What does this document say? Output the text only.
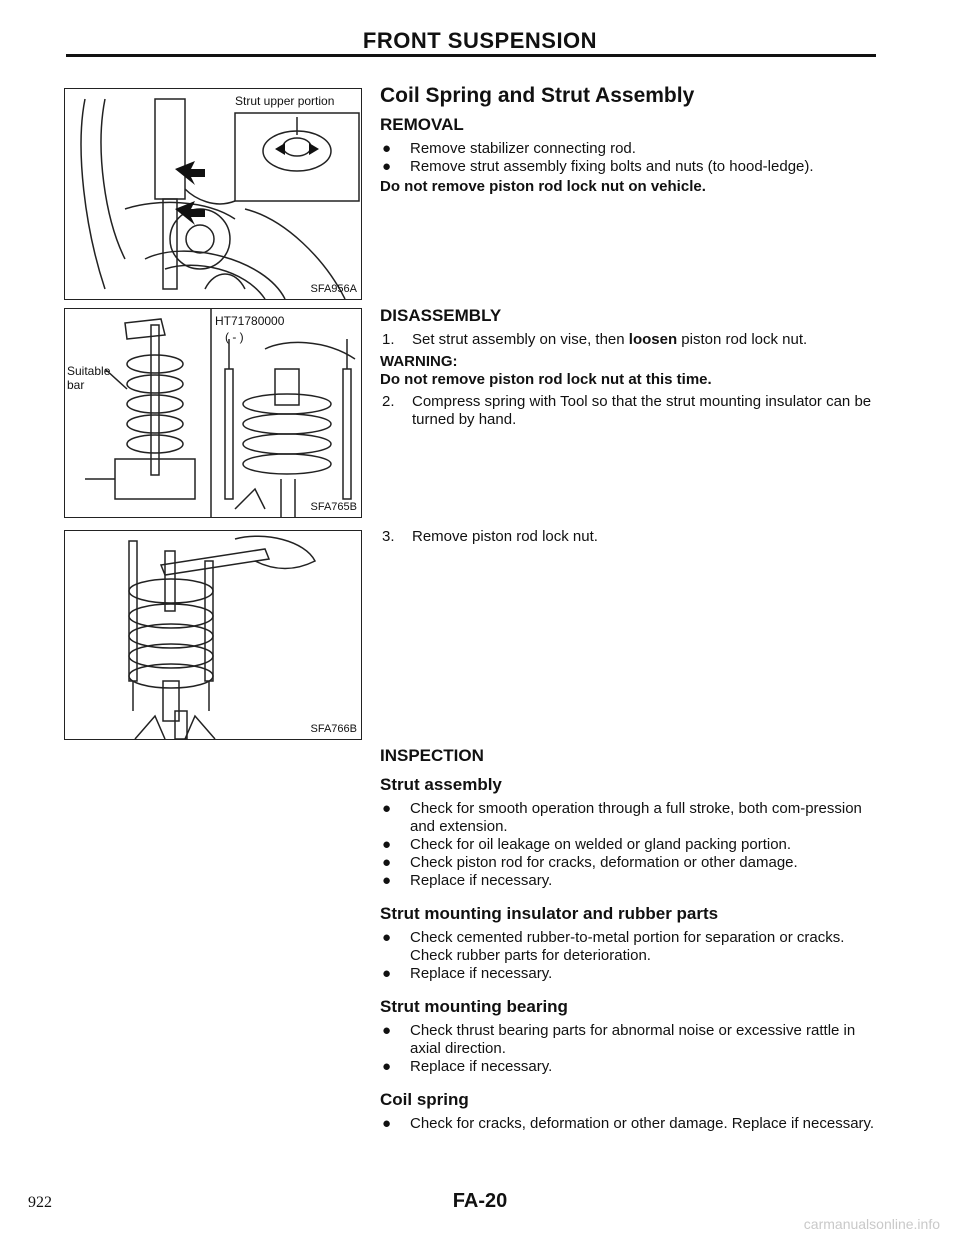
FRONT SUSPENSION
Strut upper portion
SFA956A
HT71780000
( - )
Suitable
bar
SFA765B
SFA766B
Coil Spring and Strut Assembly
REMOVAL
● Remove stabilizer connecting rod.
● Remove strut assembly fixing bolts and nuts (to hood-ledge).

Do not remove piston rod lock nut on vehicle.

DISASSEMBLY
1. Set strut assembly on vise, then loosen piston rod lock nut.

WARNING:

Do not remove piston rod lock nut at this time.

2. Compress spring with Tool so that the strut mounting insulator can be turned by hand.
3. Remove piston rod lock nut.
INSPECTION
Strut assembly
● Check for smooth operation through a full stroke, both com-pression and extension.
● Check for oil leakage on welded or gland packing portion.
● Check piston rod for cracks, deformation or other damage.
● Replace if necessary.
Strut mounting insulator and rubber parts
● Check cemented rubber-to-metal portion for separation or cracks. Check rubber parts for deterioration.
● Replace if necessary.
Strut mounting bearing
● Check thrust bearing parts for abnormal noise or excessive rattle in axial direction.
● Replace if necessary.
Coil spring
● Check for cracks, deformation or other damage. Replace if necessary.
922	FA-20
carmanualsonline.info
